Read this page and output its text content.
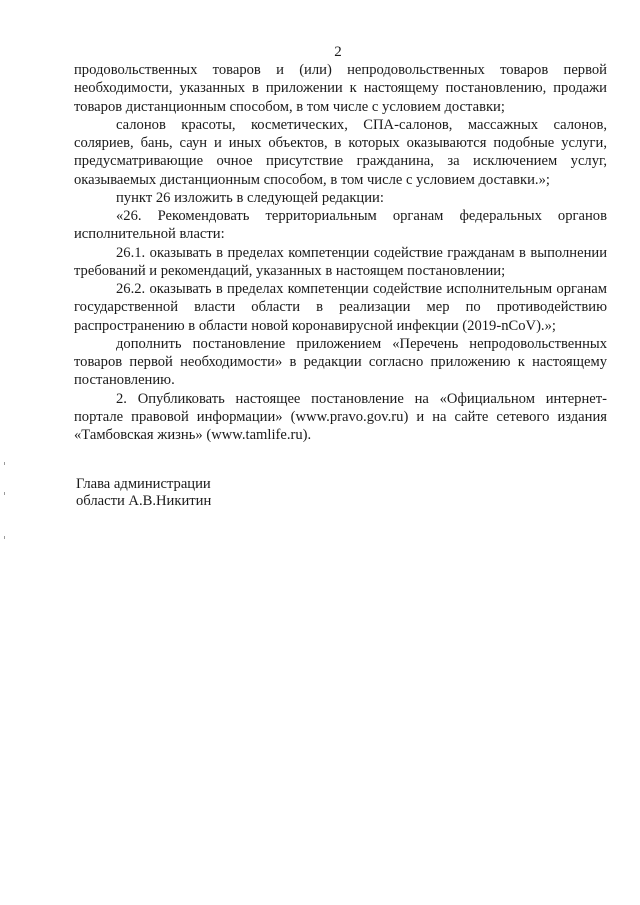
2

продовольственных товаров и (или) непродовольственных товаров первой необходимости, указанных в приложении к настоящему постановлению, продажи товаров дистанционным способом, в том числе с условием доставки;

салонов красоты, косметических, СПА-салонов, массажных салонов, соляриев, бань, саун и иных объектов, в которых оказываются подобные услуги, предусматривающие очное присутствие гражданина, за исключением услуг, оказываемых дистанционным способом, в том числе с условием доставки.»;

пункт 26 изложить в следующей редакции:

«26. Рекомендовать территориальным органам федеральных органов исполнительной власти:

26.1. оказывать в пределах компетенции содействие гражданам в выполнении требований и рекомендаций, указанных в настоящем постановлении;

26.2. оказывать в пределах компетенции содействие исполнительным органам государственной власти области в реализации мер по противодействию распространению в области новой коронавирусной инфекции (2019-nCoV).»;

дополнить постановление приложением «Перечень непродовольственных товаров первой необходимости» в редакции согласно приложению к настоящему постановлению.

2. Опубликовать настоящее постановление на «Официальном интернет-портале правовой информации» (www.pravo.gov.ru) и на сайте сетевого издания «Тамбовская жизнь» (www.tamlife.ru).

Глава администрации
области А.В.Никитин
